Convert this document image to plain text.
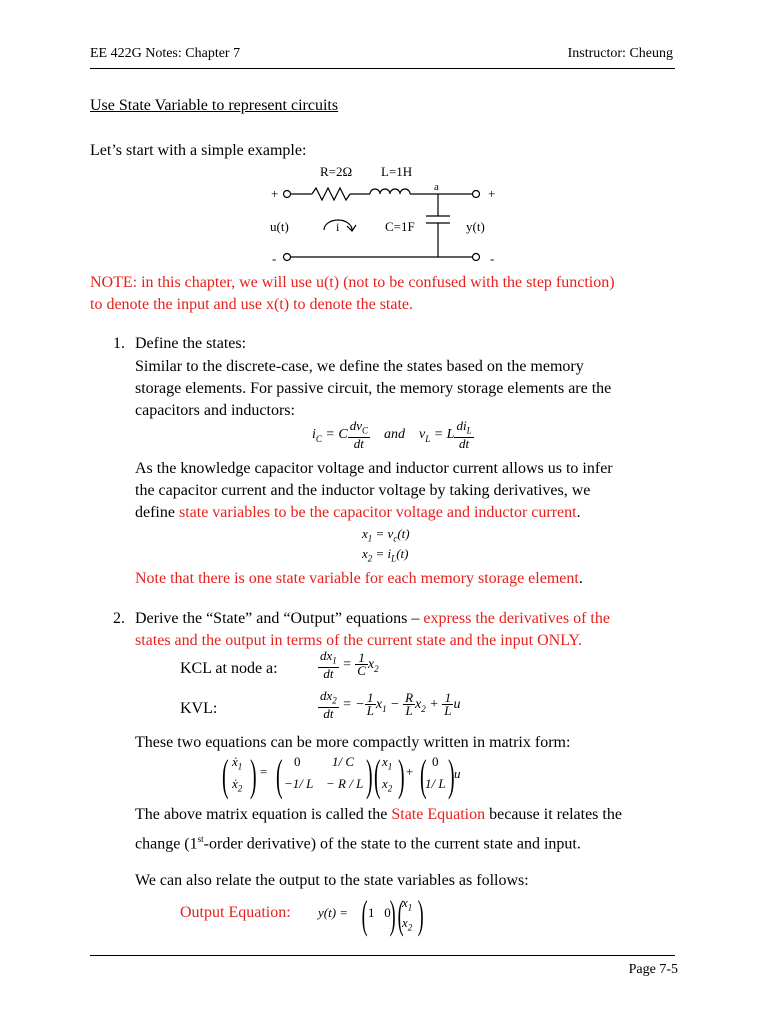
EE 422G Notes: Chapter 7	Instructor: Cheung
Use State Variable to represent circuits
Let’s start with a simple example:
R=2Ω L=1H
a
+	+
u(t)	i	C=1F	y(t)
-	-
NOTE: in this chapter, we will use u(t) (not to be confused with the step function)
to denote the input and use x(t) to denote the state.
1. Define the states:
Similar to the discrete-case, we define the states based on the memory
storage elements. For passive circuit, the memory storage elements are the
capacitors and inductors:
$i_C = C \frac{dv_C}{dt}$ and    $v_L = L \frac{di_L}{dt}$
As the knowledge capacitor voltage and inductor current allows us to infer
the capacitor current and the inductor voltage by taking derivatives, we
define state variables to be the capacitor voltage and inductor current.
$x_1 = v_c(t)$
$x_2 = i_L(t)$
Note that there is one state variable for each memory storage element.
2. Derive the “State” and “Output” equations – express the derivatives of the
states and the output in terms of the current state and the input ONLY.
KCL at node a:	$\frac{dx_1}{dt} = \frac{1}{C} x_2$
KVL:	$\frac{dx_2}{dt}$ = − $\frac{1}{L} x_1 - \frac{R}{L} x_2 + \frac{1}{L}$ u
These two equations can be more compactly written in matrix form:
( $ẋ_1$
$ẋ_2$ ) = ( 0 1/ C
−1/ L − R / L ) ( $x_1$
$x_2$ ) + ( 0
1/ L ) u
The above matrix equation is called the State Equation because it relates the
change (1st-order derivative) of the state to the current state and input.
We can also relate the output to the state variables as follows:
Output Equation: y(t) = ( 1   0
) (
$x_1$
$x_2$ )
Page 7-5
